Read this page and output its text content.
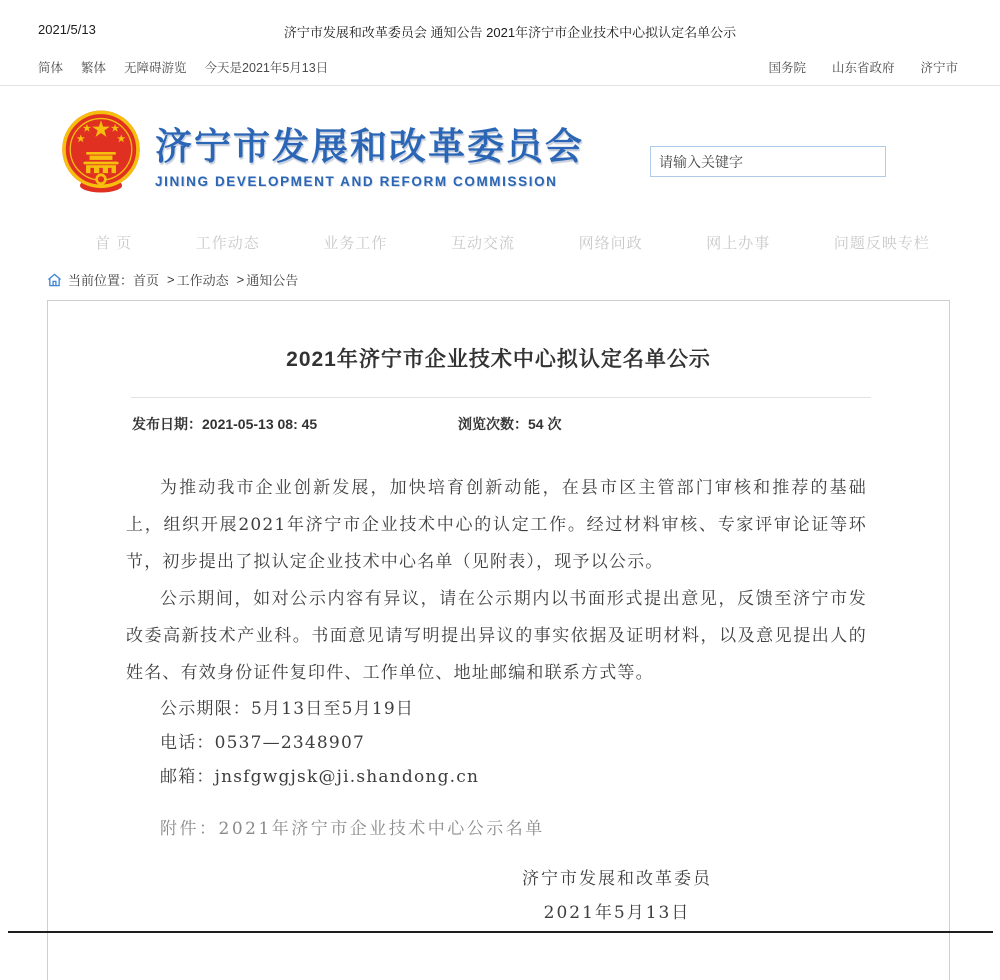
2021/5/13	济宁市发展和改革委员会 通知公告 2021年济宁市企业技术中心拟认定名单公示
简体 繁体 无障碍游览 今天是2021年5月13日	国务院 山东省政府 济宁市
济宁市发展和改革委员会
JINING DEVELOPMENT AND REFORM COMMISSION
请输入关键字
首 页	工作动态	业务工作	互动交流	网络问政	网上办事	问题反映专栏
当前位置： 首页 > 工作动态 > 通知公告
2021年济宁市企业技术中心拟认定名单公示
发布日期：2021-05-13 08: 45	浏览次数：54 次

为推动我市企业创新发展，加快培育创新动能，在县市区主管部门审核和推荐的基础上，组织开展2021年济宁市企业技术中心的认定工作。经过材料审核、专家评审论证等环节，初步提出了拟认定企业技术中心名单（见附表），现予以公示。

公示期间，如对公示内容有异议，请在公示期内以书面形式提出意见，反馈至济宁市发改委高新技术产业科。书面意见请写明提出异议的事实依据及证明材料，以及意见提出人的姓名、有效身份证件复印件、工作单位、地址邮编和联系方式等。

公示期限：5月13日至5月19日

电话：0537—2348907

邮箱：jnsfgwgjsk@ji.shandong.cn

附件：2021年济宁市企业技术中心公示名单

济宁市发展和改革委员

2021年5月13日
